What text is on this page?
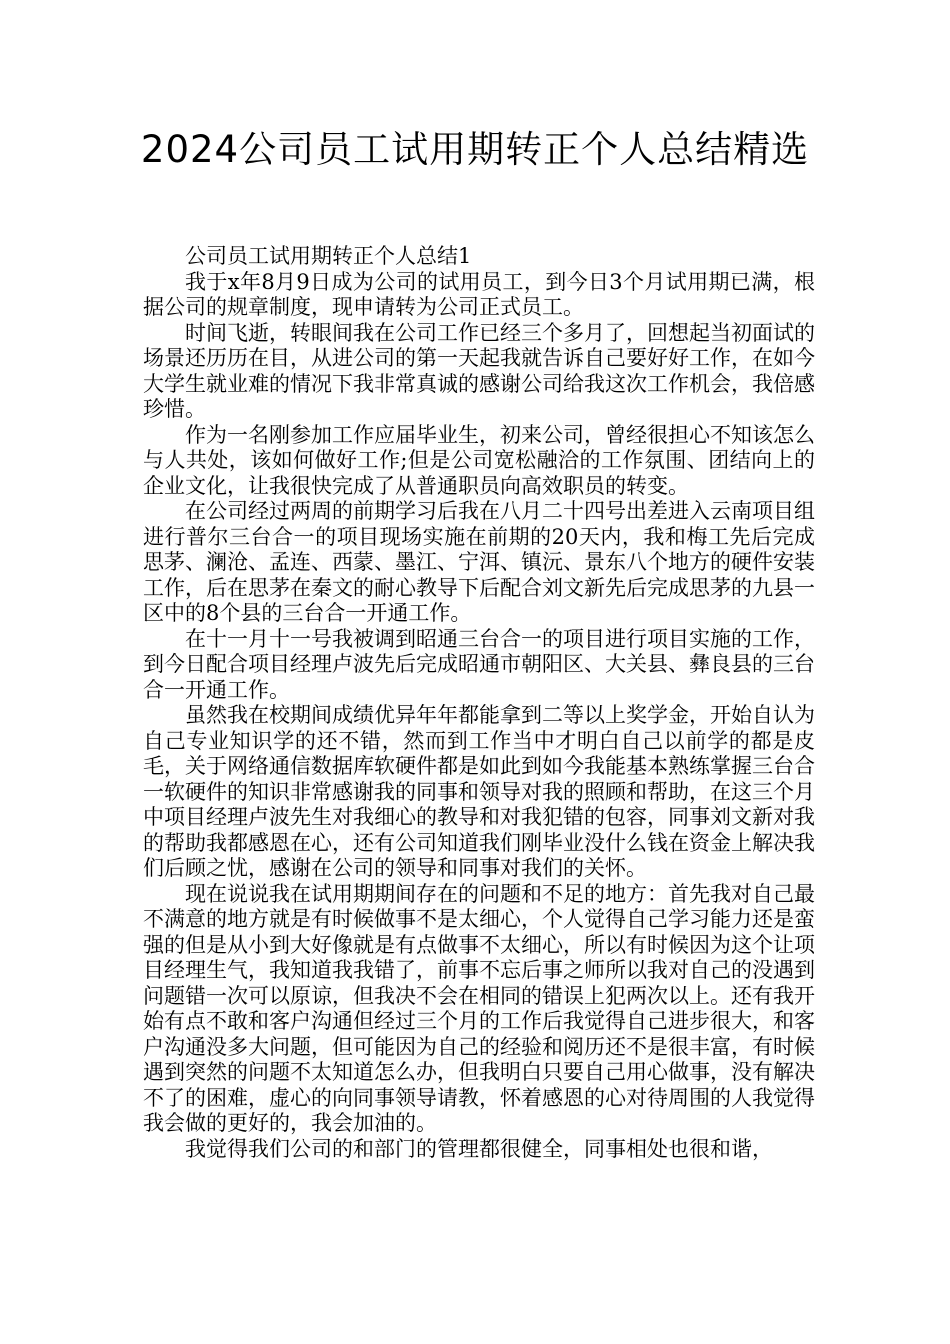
2024公司员工试用期转正个人总结精选

公司员工试用期转正个人总结1

我于x年8月9日成为公司的试用员工，到今日3个月试用期已满，根据公司的规章制度，现申请转为公司正式员工。

时间飞逝，转眼间我在公司工作已经三个多月了，回想起当初面试的场景还历历在目，从进公司的第一天起我就告诉自己要好好工作，在如今大学生就业难的情况下我非常真诚的感谢公司给我这次工作机会，我倍感珍惜。

作为一名刚参加工作应届毕业生，初来公司，曾经很担心不知该怎么与人共处，该如何做好工作;但是公司宽松融洽的工作氛围、团结向上的企业文化，让我很快完成了从普通职员向高效职员的转变。

在公司经过两周的前期学习后我在八月二十四号出差进入云南项目组进行普尔三台合一的项目现场实施在前期的20天内，我和梅工先后完成思茅、澜沧、孟连、西蒙、墨江、宁洱、镇沅、景东八个地方的硬件安装工作，后在思茅在秦文的耐心教导下后配合刘文新先后完成思茅的九县一区中的8个县的三台合一开通工作。

在十一月十一号我被调到昭通三台合一的项目进行项目实施的工作，到今日配合项目经理卢波先后完成昭通市朝阳区、大关县、彝良县的三台合一开通工作。

虽然我在校期间成绩优异年年都能拿到二等以上奖学金，开始自认为自己专业知识学的还不错，然而到工作当中才明白自己以前学的都是皮毛，关于网络通信数据库软硬件都是如此到如今我能基本熟练掌握三台合一软硬件的知识非常感谢我的同事和领导对我的照顾和帮助，在这三个月中项目经理卢波先生对我细心的教导和对我犯错的包容，同事刘文新对我的帮助我都感恩在心，还有公司知道我们刚毕业没什么钱在资金上解决我们后顾之忧，感谢在公司的领导和同事对我们的关怀。

现在说说我在试用期期间存在的问题和不足的地方：首先我对自己最不满意的地方就是有时候做事不是太细心，个人觉得自己学习能力还是蛮强的但是从小到大好像就是有点做事不太细心，所以有时候因为这个让项目经理生气，我知道我我错了，前事不忘后事之师所以我对自己的没遇到问题错一次可以原谅，但我决不会在相同的错误上犯两次以上。还有我开始有点不敢和客户沟通但经过三个月的工作后我觉得自己进步很大，和客户沟通没多大问题，但可能因为自己的经验和阅历还不是很丰富，有时候遇到突然的问题不太知道怎么办，但我明白只要自己用心做事，没有解决不了的困难，虚心的向同事领导请教，怀着感恩的心对待周围的人我觉得我会做的更好的，我会加油的。

我觉得我们公司的和部门的管理都很健全，同事相处也很和谐，
